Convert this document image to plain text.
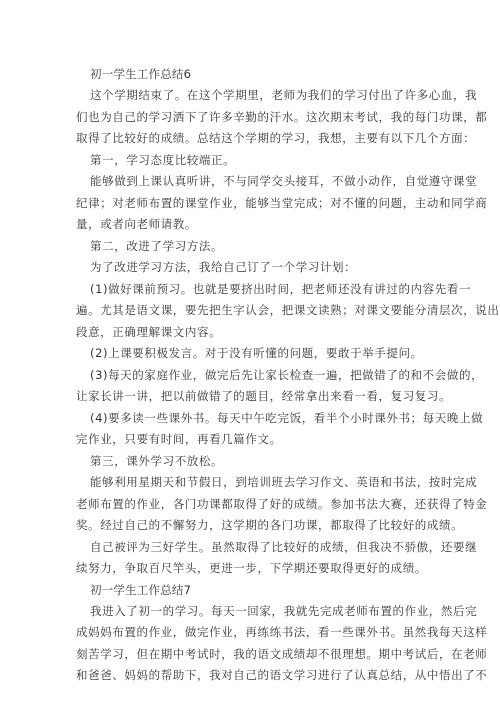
初一学生工作总结6
这个学期结束了。在这个学期里，老师为我们的学习付出了许多心血，我
们也为自己的学习洒下了许多辛勤的汗水。这次期末考试，我的每门功课，都
取得了比较好的成绩。总结这个学期的学习，我想，主要有以下几个方面：
第一，学习态度比较端正。
能够做到上课认真听讲，不与同学交头接耳，不做小动作，自觉遵守课堂
纪律；对老师布置的课堂作业，能够当堂完成；对不懂的问题，主动和同学商
量，或者向老师请教。
第二，改进了学习方法。
为了改进学习方法，我给自己订了一个学习计划：
(1)做好课前预习。也就是要挤出时间，把老师还没有讲过的内容先看一
遍。尤其是语文课，要先把生字认会，把课文读熟；对课文要能分清层次，说出
段意，正确理解课文内容。
(2)上课要积极发言。对于没有听懂的问题，要敢于举手提问。
(3)每天的家庭作业，做完后先让家长检查一遍，把做错了的和不会做的，
让家长讲一讲，把以前做错了的题目，经常拿出来看一看，复习复习。
(4)要多读一些课外书。每天中午吃完饭，看半个小时课外书；每天晚上做
完作业，只要有时间，再看几篇作文。
第三，课外学习不放松。
能够利用星期天和节假日，到培训班去学习作文、英语和书法，按时完成
老师布置的作业，各门功课都取得了好的成绩。参加书法大赛，还获得了特金
奖。经过自己的不懈努力，这学期的各门功课，都取得了比较好的成绩。
自己被评为三好学生。虽然取得了比较好的成绩，但我决不骄傲，还要继
续努力，争取百尺竿头，更进一步，下学期还要取得更好的成绩。
初一学生工作总结7
我进入了初一的学习。每天一回家，我就先完成老师布置的作业，然后完
成妈妈布置的作业，做完作业，再练练书法，看一些课外书。虽然我每天这样
刻苦学习，但在期中考试时，我的语文成绩却不很理想。期中考试后，在老师
和爸爸、妈妈的帮助下，我对自己的语文学习进行了认真总结，从中悟出了不
